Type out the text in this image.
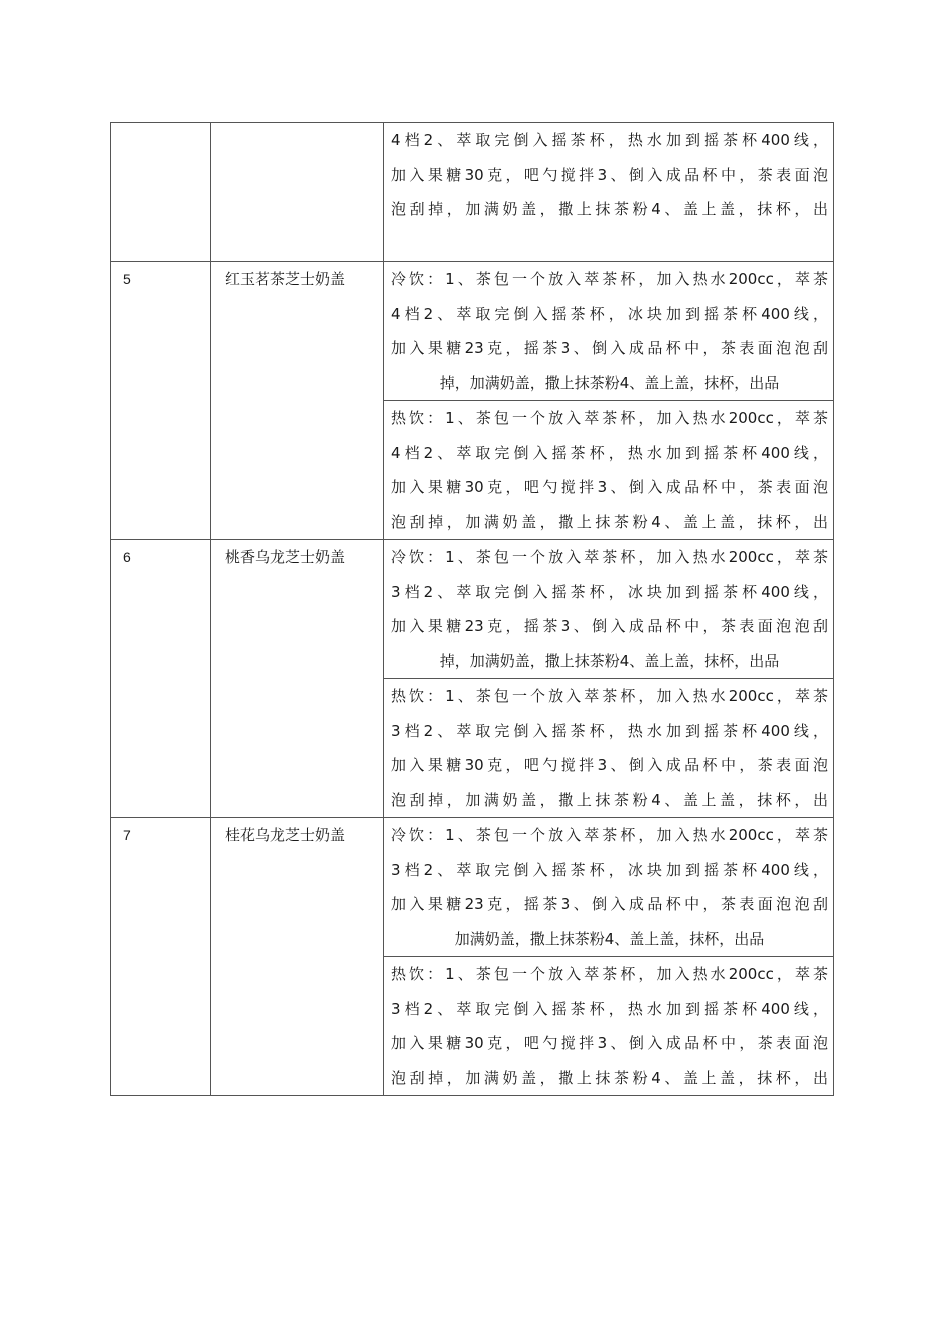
		4档2、萃取完倒入摇茶杯，热水加到摇茶杯400线，
加入果糖30克，吧勺搅拌3、倒入成品杯中，茶表面泡
泡刮掉，加满奶盖，撒上抹茶粉4、盖上盖，抹杯，出

5	红玉茗茶芝士奶盖	冷饮：1、茶包一个放入萃茶杯，加入热水200cc，萃茶
4档2、萃取完倒入摇茶杯，冰块加到摇茶杯400线，
加入果糖23克，摇茶3、倒入成品杯中，茶表面泡泡刮
掉，加满奶盖，撒上抹茶粉4、盖上盖，抹杯，出品

		热饮：1、茶包一个放入萃茶杯，加入热水200cc，萃茶
4档2、萃取完倒入摇茶杯，热水加到摇茶杯400线，
加入果糖30克，吧勺搅拌3、倒入成品杯中，茶表面泡
泡刮掉，加满奶盖，撒上抹茶粉4、盖上盖，抹杯，出

6	桃香乌龙芝士奶盖	冷饮：1、茶包一个放入萃茶杯，加入热水200cc，萃茶
3档2、萃取完倒入摇茶杯，冰块加到摇茶杯400线，
加入果糖23克，摇茶3、倒入成品杯中，茶表面泡泡刮
掉，加满奶盖，撒上抹茶粉4、盖上盖，抹杯，出品

		热饮：1、茶包一个放入萃茶杯，加入热水200cc，萃茶
3档2、萃取完倒入摇茶杯，热水加到摇茶杯400线，
加入果糖30克，吧勺搅拌3、倒入成品杯中，茶表面泡
泡刮掉，加满奶盖，撒上抹茶粉4、盖上盖，抹杯，出

7	桂花乌龙芝士奶盖	冷饮：1、茶包一个放入萃茶杯，加入热水200cc，萃茶
3档2、萃取完倒入摇茶杯，冰块加到摇茶杯400线，
加入果糖23克，摇茶3、倒入成品杯中，茶表面泡泡刮
加满奶盖，撒上抹茶粉4、盖上盖，抹杯，出品

		热饮：1、茶包一个放入萃茶杯，加入热水200cc，萃茶
3档2、萃取完倒入摇茶杯，热水加到摇茶杯400线，
加入果糖30克，吧勺搅拌3、倒入成品杯中，茶表面泡
泡刮掉，加满奶盖，撒上抹茶粉4、盖上盖，抹杯，出
